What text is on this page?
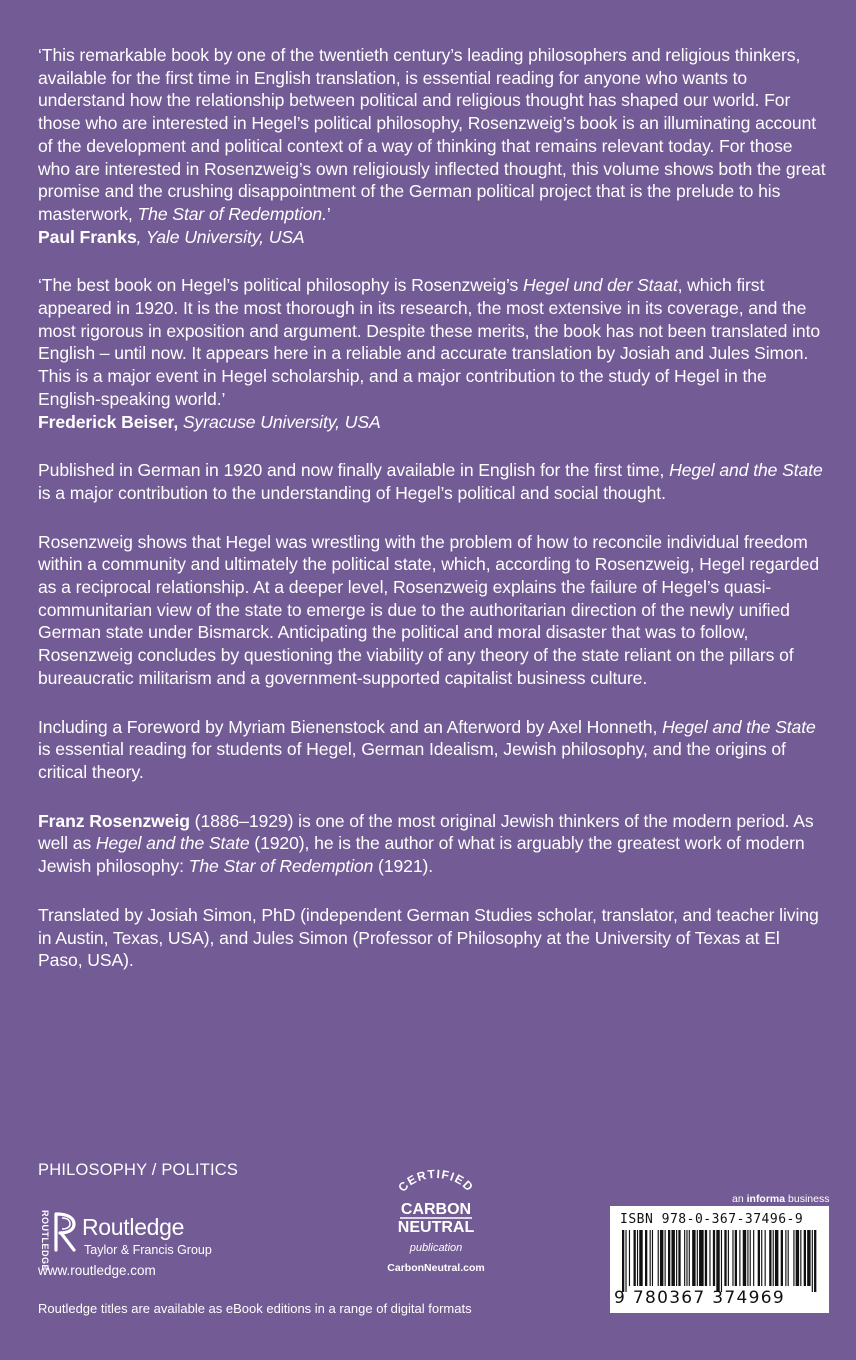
‘This remarkable book by one of the twentieth century’s leading philosophers and religious thinkers, available for the first time in English translation, is essential reading for anyone who wants to understand how the relationship between political and religious thought has shaped our world. For those who are interested in Hegel’s political philosophy, Rosenzweig’s book is an illuminating account of the development and political context of a way of thinking that remains relevant today. For those who are interested in Rosenzweig’s own religiously inflected thought, this volume shows both the great promise and the crushing disappointment of the German political project that is the prelude to his masterwork, The Star of Redemption.’
Paul Franks, Yale University, USA

‘The best book on Hegel’s political philosophy is Rosenzweig’s Hegel und der Staat, which first appeared in 1920. It is the most thorough in its research, the most extensive in its coverage, and the most rigorous in exposition and argument. Despite these merits, the book has not been translated into English – until now. It appears here in a reliable and accurate translation by Josiah and Jules Simon. This is a major event in Hegel scholarship, and a major contribution to the study of Hegel in the English-speaking world.’
Frederick Beiser, Syracuse University, USA

Published in German in 1920 and now finally available in English for the first time, Hegel and the State is a major contribution to the understanding of Hegel’s political and social thought.

Rosenzweig shows that Hegel was wrestling with the problem of how to reconcile individual freedom within a community and ultimately the political state, which, according to Rosenzweig, Hegel regarded as a reciprocal relationship. At a deeper level, Rosenzweig explains the failure of Hegel’s quasi-communitarian view of the state to emerge is due to the authoritarian direction of the newly unified German state under Bismarck. Anticipating the political and moral disaster that was to follow, Rosenzweig concludes by questioning the viability of any theory of the state reliant on the pillars of bureaucratic militarism and a government-supported capitalist business culture.

Including a Foreword by Myriam Bienenstock and an Afterword by Axel Honneth, Hegel and the State is essential reading for students of Hegel, German Idealism, Jewish philosophy, and the origins of critical theory.

Franz Rosenzweig (1886–1929) is one of the most original Jewish thinkers of the modern period. As well as Hegel and the State (1920), he is the author of what is arguably the greatest work of modern Jewish philosophy: The Star of Redemption (1921).

Translated by Josiah Simon, PhD (independent German Studies scholar, translator, and teacher living in Austin, Texas, USA), and Jules Simon (Professor of Philosophy at the University of Texas at El Paso, USA).

PHILOSOPHY / POLITICS
ROUTLEDGE Routledge
Taylor & Francis Group
www.routledge.com
Routledge titles are available as eBook editions in a range of digital formats
CERTIFIED
CARBON
NEUTRAL
publication
CarbonNeutral.com
an informa business
ISBN 978-0-367-37496-9
9 780367 374969
